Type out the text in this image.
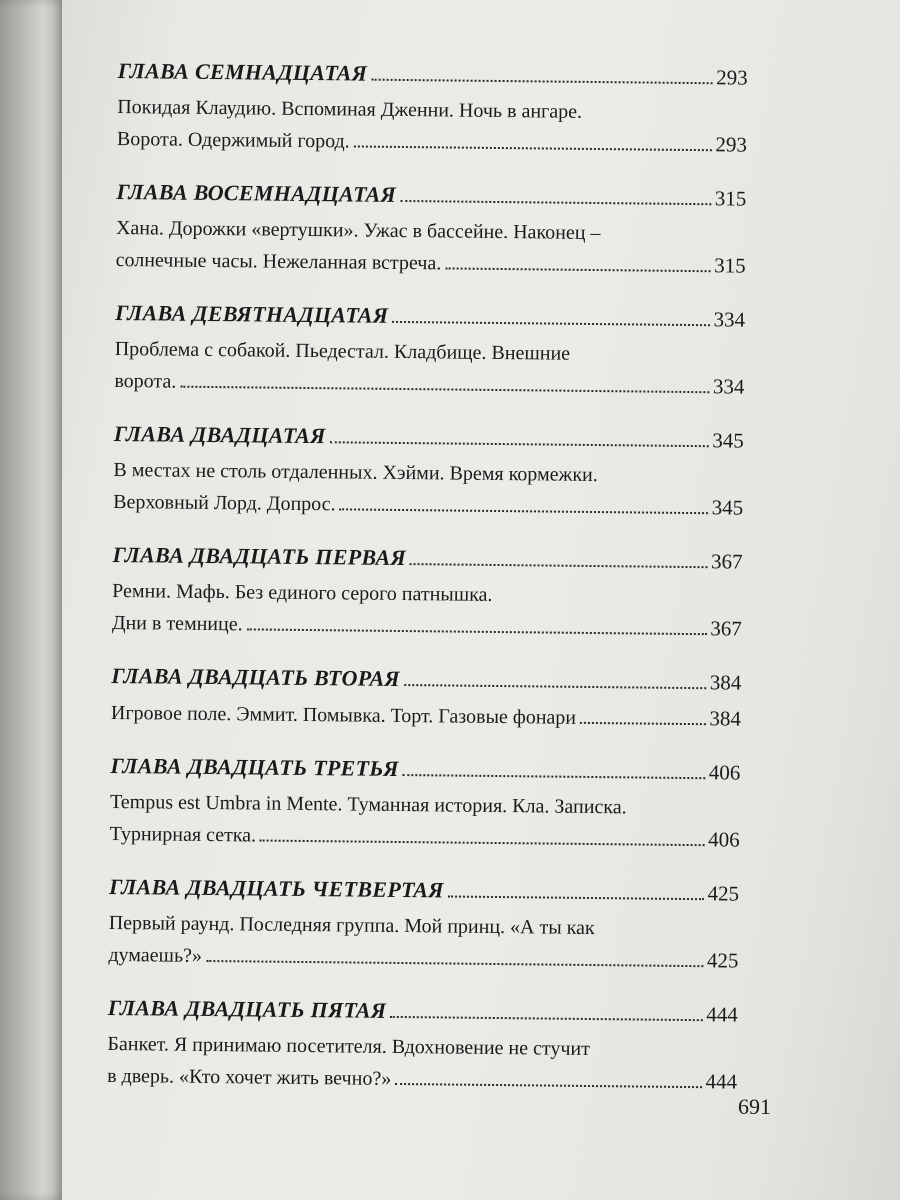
ГЛАВА СЕМНАДЦАТАЯ	293
Покидая Клаудию. Вспоминая Дженни. Ночь в ангаре.
Ворота. Одержимый город.	293
ГЛАВА ВОСЕМНАДЦАТАЯ	315
Хана. Дорожки «вертушки». Ужас в бассейне. Наконец –
солнечные часы. Нежеланная встреча.	315
ГЛАВА ДЕВЯТНАДЦАТАЯ	334
Проблема с собакой. Пьедестал. Кладбище. Внешние
ворота.	334
ГЛАВА ДВАДЦАТАЯ	345
В местах не столь отдаленных. Хэйми. Время кормежки.
Верховный Лорд. Допрос.	345
ГЛАВА ДВАДЦАТЬ ПЕРВАЯ	367
Ремни. Мафь. Без единого серого патнышка.
Дни в темнице.	367
ГЛАВА ДВАДЦАТЬ ВТОРАЯ	384
Игровое поле. Эммит. Помывка. Торт. Газовые фонари	384
ГЛАВА ДВАДЦАТЬ ТРЕТЬЯ	406
Tempus est Umbra in Mente. Туманная история. Кла. Записка.
Турнирная сетка.	406
ГЛАВА ДВАДЦАТЬ ЧЕТВЕРТАЯ	425
Первый раунд. Последняя группа. Мой принц. «А ты как
думаешь?»	425
ГЛАВА ДВАДЦАТЬ ПЯТАЯ	444
Банкет. Я принимаю посетителя. Вдохновение не стучит
в дверь. «Кто хочет жить вечно?»	444
691
